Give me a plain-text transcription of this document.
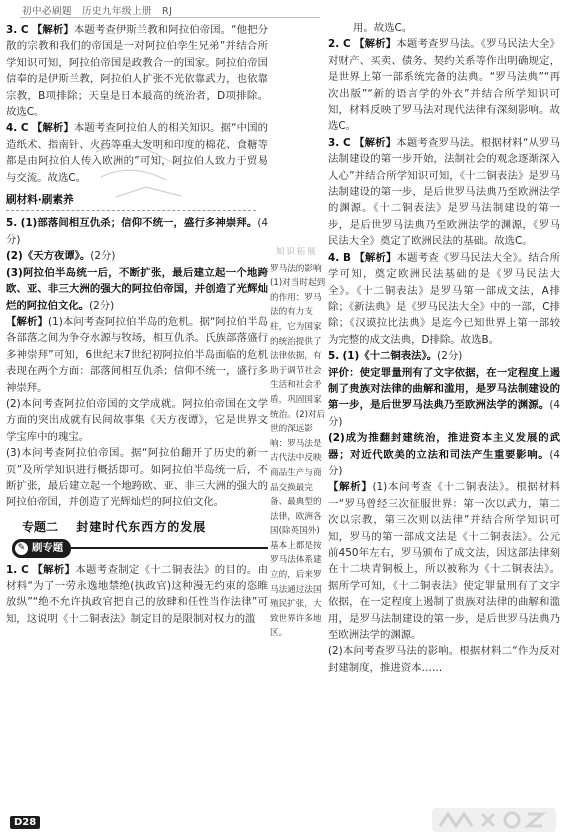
初中必刷题　历史九年级上册　RJ

3. C 【解析】本题考查伊斯兰教和阿拉伯帝国。“他把分散的宗教和我们的帝国是一对阿拉伯孪生兄弟”并结合所学知识可知，阿拉伯帝国是政教合一的国家。阿拉伯帝国信奉的是伊斯兰教，阿拉伯人扩张不光依靠武力，也依靠宗教，B项排除；天皇是日本最高的统治者，D项排除。故选C。

4. C 【解析】本题考查阿拉伯人的相关知识。据“中国的造纸术、指南针、火药等重大发明和印度的棉花、食糖等都是由阿拉伯人传入欧洲的”可知，阿拉伯人致力于贸易与交流。故选C。

刷材料·刷素养

5. (1)部落间相互仇杀；信仰不统一，盛行多神崇拜。(4分)

(2)《天方夜谭》。(2分)

(3)阿拉伯半岛统一后，不断扩张，最后建立起一个地跨欧、亚、非三大洲的强大的阿拉伯帝国，并创造了光辉灿烂的阿拉伯文化。(2分)

【解析】(1)本问考查阿拉伯半岛的危机。据“阿拉伯半岛各部落之间为争夺水源与牧场，相互仇杀。氏族部落盛行多神崇拜”可知，6世纪末7世纪初阿拉伯半岛面临的危机表现在两个方面：部落间相互仇杀；信仰不统一，盛行多神崇拜。

(2)本问考查阿拉伯帝国的文学成就。阿拉伯帝国在文学方面的突出成就有民间故事集《天方夜谭》，它是世界文学宝库中的瑰宝。

(3)本问考查阿拉伯帝国。据“阿拉伯翻开了历史的新一页”及所学知识进行概括即可。如阿拉伯半岛统一后，不断扩张，最后建立起一个地跨欧、亚、非三大洲的强大的阿拉伯帝国，并创造了光辉灿烂的阿拉伯文化。

专题二 封建时代东西方的发展
✎ 刷专题

1. C 【解析】本题考查制定《十二铜表法》的目的。由材料“为了一劳永逸地禁绝(执政官)这种漫无约束的恣睢放纵”“绝不允许执政官把自己的放肆和任性当作法律”可知，这说明《十二铜表法》制定目的是限制对权力的滥

知识拓展
罗马法的影响(1)对当时起到的作用：罗马法的有力支柱，它为国家的统治提供了法律依据，有助于调节社会生活和社会矛盾，巩固国家统治。(2)对后世的深远影响：罗马法是古代法中反映商品生产与商品交换最完备、最典型的法律，欧洲各国(除英国外)基本上都是按罗马法体系建立的，后来罗马法通过法国殖民扩张，大致世界许多地区。

用。故选C。

2. C 【解析】本题考查罗马法。《罗马民法大全》对财产、买卖、债务、契约关系等作出明确规定，是世界上第一部系统完备的法典。“罗马法典”“再次出版”“新的语言学的外衣”并结合所学知识可知，材料反映了罗马法对现代法律有深刻影响。故选C。

3. C 【解析】本题考查罗马法。根据材料“从罗马法制建设的第一步开始，法制社会的观念逐渐深入人心”并结合所学知识可知，《十二铜表法》是罗马法制建设的第一步，是后世罗马法典乃至欧洲法学的渊源。《十二铜表法》是罗马法制建设的第一步，是后世罗马法典乃至欧洲法学的渊源，《罗马民法大全》奠定了欧洲民法的基础。故选C。

4. B 【解析】本题考查《罗马民法大全》。结合所学可知，奠定欧洲民法基础的是《罗马民法大全》。《十二铜表法》是罗马第一部成文法，A排除；《新法典》是《罗马民法大全》中的一部，C排除；《汉谟拉比法典》是迄今已知世界上第一部较为完整的成文法典，D排除。故选B。

5. (1)《十二铜表法》。(2分)

评价：使定罪量刑有了文字依据，在一定程度上遏制了贵族对法律的曲解和滥用，是罗马法制建设的第一步，是后世罗马法典乃至欧洲法学的渊源。(4分)

(2)成为推翻封建统治，推进资本主义发展的武器；对近代欧美的立法和司法产生重要影响。(4分)

【解析】(1)本问考查《十二铜表法》。根据材料一“罗马曾经三次征服世界：第一次以武力，第二次以宗教，第三次则以法律”并结合所学知识可知，罗马的第一部成文法是《十二铜表法》。公元前450年左右，罗马颁布了成文法，因这部法律刻在十二块青铜板上，所以被称为《十二铜表法》。据所学可知，《十二铜表法》使定罪量刑有了文字依据，在一定程度上遏制了贵族对法律的曲解和滥用，是罗马法制建设的第一步，是后世罗马法典乃至欧洲法学的渊源。

(2)本问考查罗马法的影响。根据材料二“作为反对封建制度，推进资本……

D28
